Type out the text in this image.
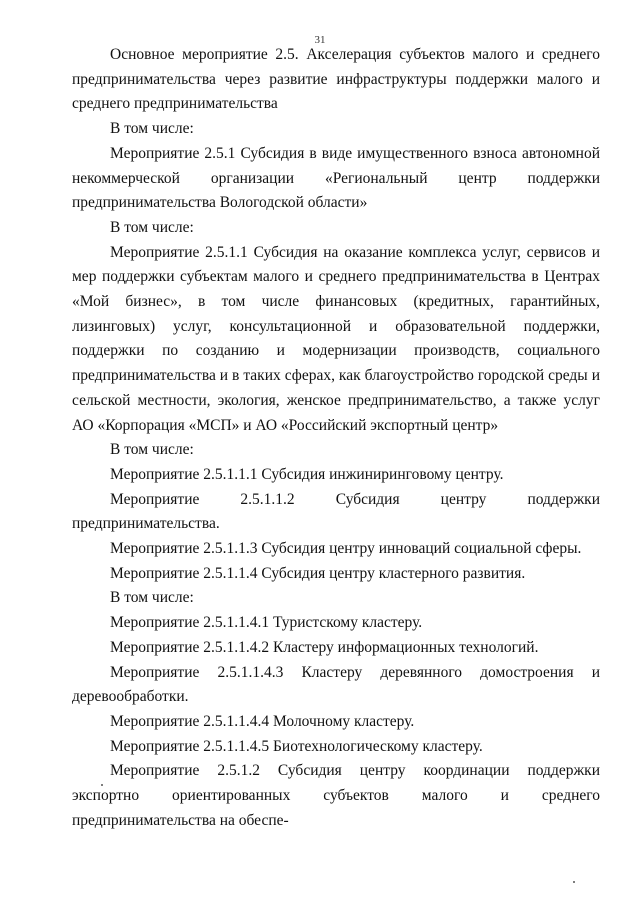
31

Основное мероприятие 2.5. Акселерация субъектов малого и среднего предпринимательства через развитие инфраструктуры поддержки малого и среднего предпринимательства

В том числе:

Мероприятие 2.5.1 Субсидия в виде имущественного взноса автономной некоммерческой организации «Региональный центр поддержки предпринимательства Вологодской области»

В том числе:

Мероприятие 2.5.1.1 Субсидия на оказание комплекса услуг, сервисов и мер поддержки субъектам малого и среднего предпринимательства в Центрах «Мой бизнес», в том числе финансовых (кредитных, гарантийных, лизинговых) услуг, консультационной и образовательной поддержки, поддержки по созданию и модернизации производств, социального предпринимательства и в таких сферах, как благоустройство городской среды и сельской местности, экология, женское предпринимательство, а также услуг АО «Корпорация «МСП» и АО «Российский экспортный центр»

В том числе:

Мероприятие 2.5.1.1.1 Субсидия инжиниринговому центру.

Мероприятие 2.5.1.1.2 Субсидия центру поддержки предпринимательства.

Мероприятие 2.5.1.1.3 Субсидия центру инноваций социальной сферы.

Мероприятие 2.5.1.1.4 Субсидия центру кластерного развития.

В том числе:

Мероприятие 2.5.1.1.4.1 Туристскому кластеру.

Мероприятие 2.5.1.1.4.2 Кластеру информационных технологий.

Мероприятие 2.5.1.1.4.3 Кластеру деревянного домостроения и деревообработки.

Мероприятие 2.5.1.1.4.4 Молочному кластеру.

Мероприятие 2.5.1.1.4.5 Биотехнологическому кластеру.

Мероприятие 2.5.1.2 Субсидия центру координации поддержки экспортно ориентированных субъектов малого и среднего предпринимательства на обеспе-
